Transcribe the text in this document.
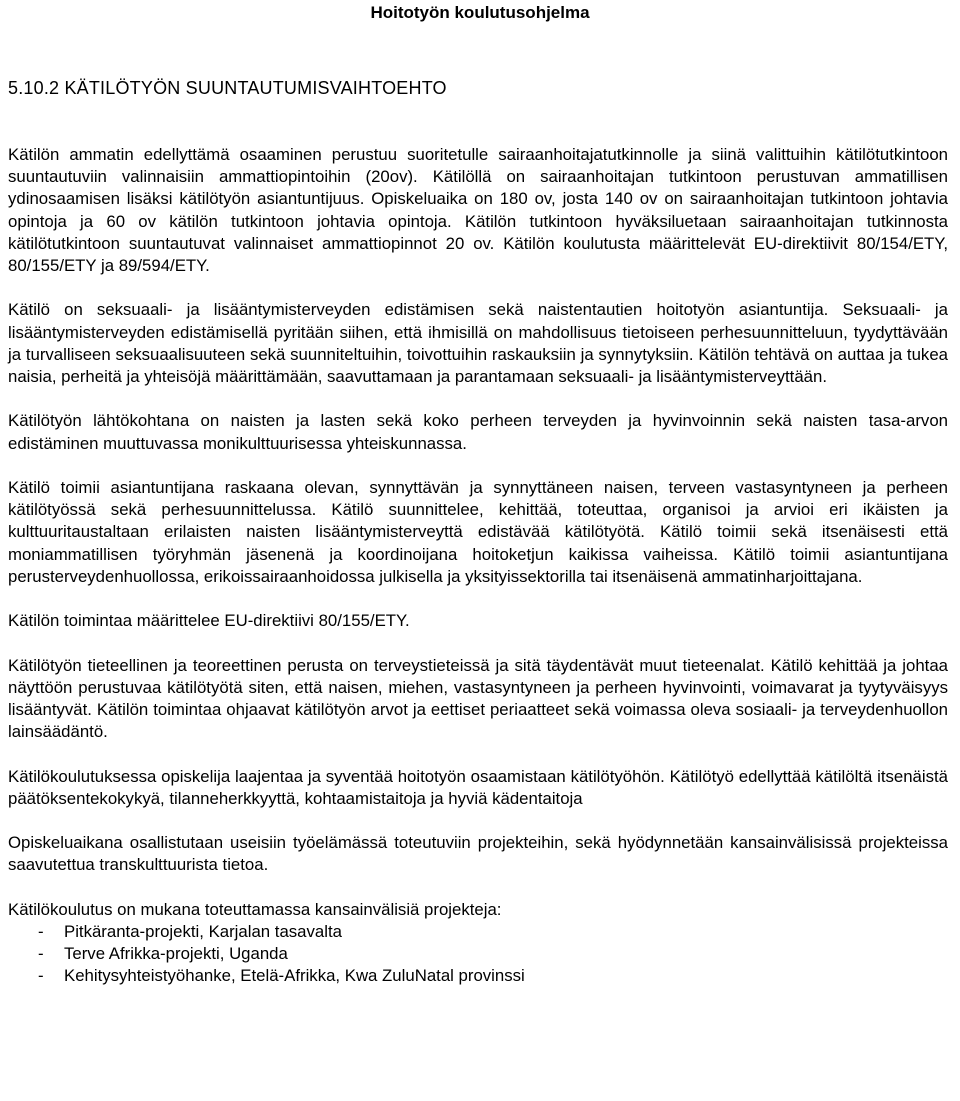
Hoitotyön koulutusohjelma
5.10.2 KÄTILÖTYÖN SUUNTAUTUMISVAIHTOEHTO

Kätilön ammatin edellyttämä osaaminen perustuu suoritetulle sairaanhoitajatutkinnolle ja siinä valittuihin kätilötutkintoon suuntautuviin valinnaisiin ammattiopintoihin (20ov). Kätilöllä on sairaanhoitajan tutkintoon perustuvan ammatillisen ydinosaamisen lisäksi kätilötyön asiantuntijuus. Opiskeluaika on 180 ov, josta 140 ov on sairaanhoitajan tutkintoon johtavia opintoja ja 60 ov kätilön tutkintoon johtavia opintoja. Kätilön tutkintoon hyväksiluetaan sairaanhoitajan tutkinnosta kätilötutkintoon suuntautuvat valinnaiset ammattiopinnot 20 ov. Kätilön koulutusta määrittelevät EU-direktiivit 80/154/ETY, 80/155/ETY ja 89/594/ETY.

Kätilö on seksuaali- ja lisääntymisterveyden edistämisen sekä naistentautien hoitotyön asiantuntija. Seksuaali- ja lisääntymisterveyden edistämisellä pyritään siihen, että ihmisillä on mahdollisuus tietoiseen perhesuunnitteluun, tyydyttävään ja turvalliseen seksuaalisuuteen sekä suunniteltuihin, toivottuihin raskauksiin ja synnytyksiin. Kätilön tehtävä on auttaa ja tukea naisia, perheitä ja yhteisöjä määrittämään, saavuttamaan ja parantamaan seksuaali- ja lisääntymisterveyttään.

Kätilötyön lähtökohtana on naisten ja lasten sekä koko perheen terveyden ja hyvinvoinnin sekä naisten tasa-arvon edistäminen muuttuvassa monikulttuurisessa yhteiskunnassa.

Kätilö toimii asiantuntijana raskaana olevan, synnyttävän ja synnyttäneen naisen, terveen vastasyntyneen ja perheen kätilötyössä sekä perhesuunnittelussa. Kätilö suunnittelee, kehittää, toteuttaa, organisoi ja arvioi eri ikäisten ja kulttuuritaustaltaan erilaisten naisten lisääntymisterveyttä edistävää kätilötyötä. Kätilö toimii sekä itsenäisesti että moniammatillisen työryhmän jäsenenä ja koordinoijana hoitoketjun kaikissa vaiheissa. Kätilö toimii asiantuntijana perusterveydenhuollossa, erikoissairaanhoidossa julkisella ja yksityissektorilla tai itsenäisenä ammatinharjoittajana.

Kätilön toimintaa määrittelee EU-direktiivi 80/155/ETY.

Kätilötyön tieteellinen ja teoreettinen perusta on terveystieteissä ja sitä täydentävät muut tieteenalat. Kätilö kehittää ja johtaa näyttöön perustuvaa kätilötyötä siten, että naisen, miehen, vastasyntyneen ja perheen hyvinvointi, voimavarat ja tyytyväisyys lisääntyvät. Kätilön toimintaa ohjaavat kätilötyön arvot ja eettiset periaatteet sekä voimassa oleva sosiaali- ja terveydenhuollon lainsäädäntö.

Kätilökoulutuksessa opiskelija laajentaa ja syventää hoitotyön osaamistaan kätilötyöhön. Kätilötyö edellyttää kätilöltä itsenäistä päätöksentekokykyä, tilanneherkkyyttä, kohtaamistaitoja ja hyviä kädentaitoja

Opiskeluaikana osallistutaan useisiin työelämässä toteutuviin projekteihin, sekä hyödynnetään kansainvälisissä projekteissa saavutettua transkulttuurista tietoa.

Kätilökoulutus on mukana toteuttamassa kansainvälisiä projekteja:

- Pitkäranta-projekti, Karjalan tasavalta
- Terve Afrikka-projekti, Uganda
- Kehitysyhteistyöhanke, Etelä-Afrikka, Kwa ZuluNatal provinssi
